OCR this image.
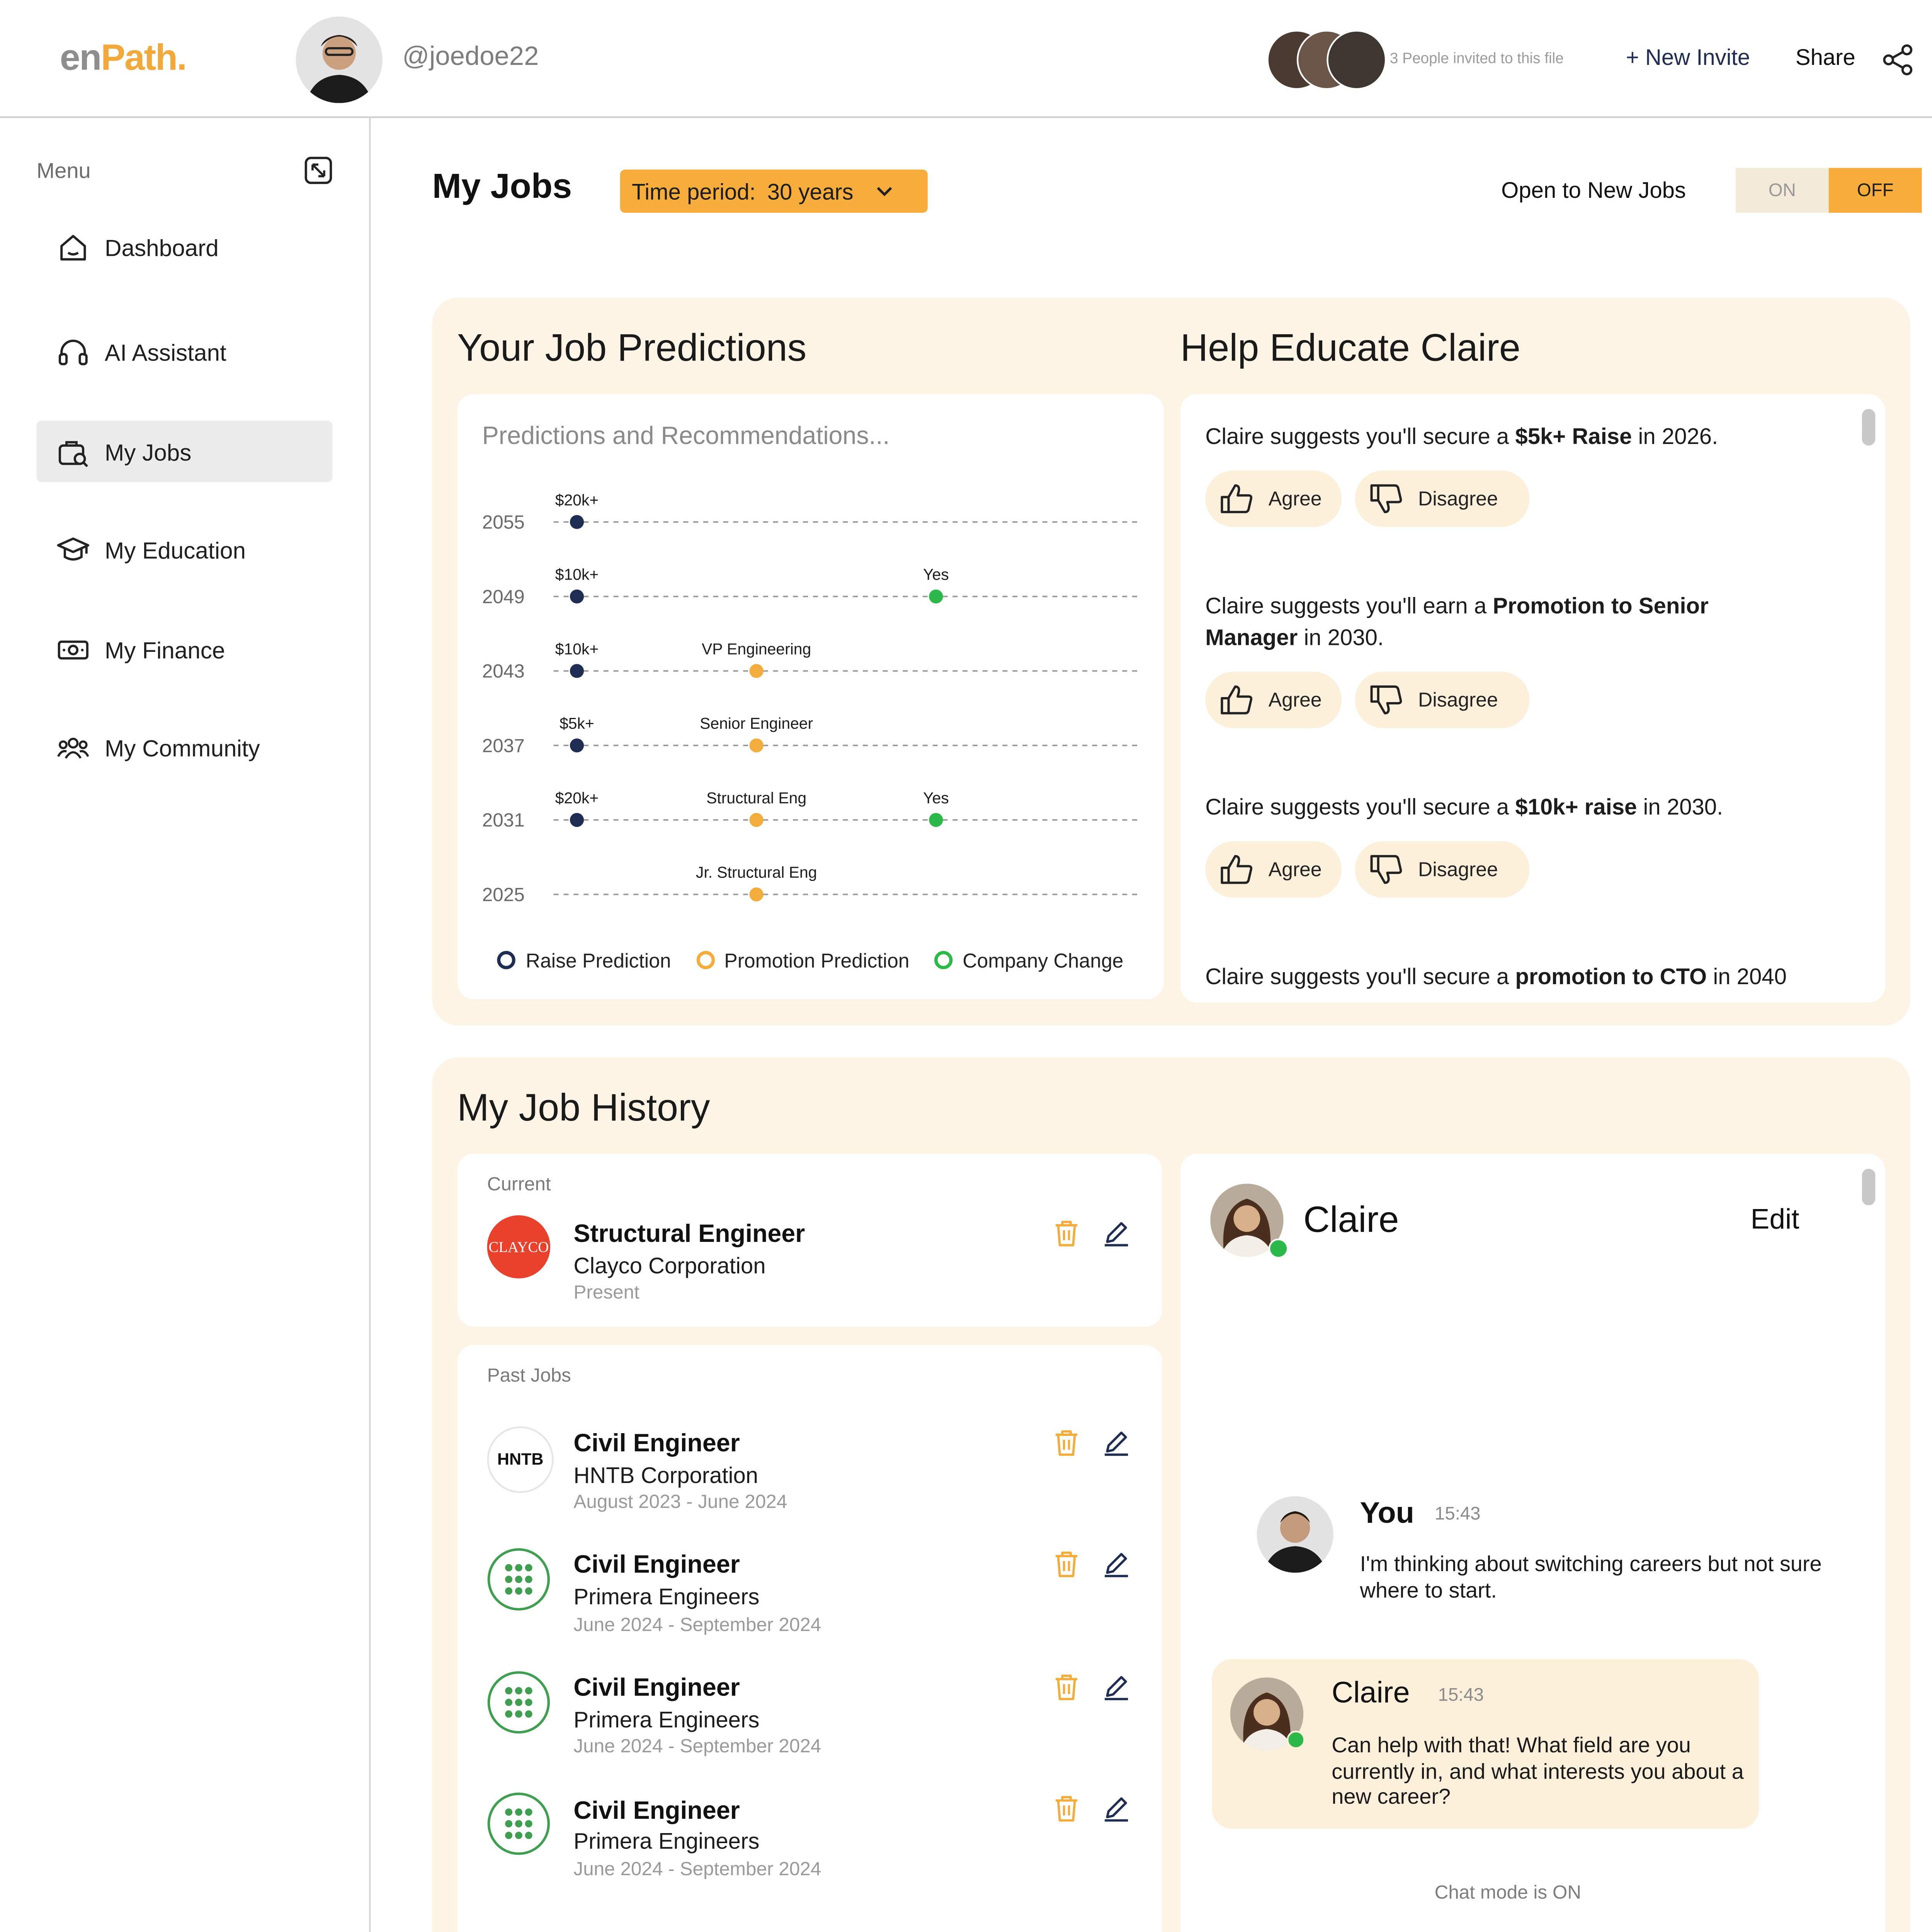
enPath.	@joedoe22	3 People invited to this file	+ New Invite	Share
Menu
Dashboard
AI Assistant
My Jobs
My Education
My Finance
My Community
My Jobs	Time period: 30 years	Open to New Jobs	ON	OFF
Your Job Predictions	Help Educate Claire
Predictions and Recommendations...
2055
2049
2043
2037
2031
2025
$20k+
$10k+
$10k+
$5k+
$20k+
VP Engineering
Senior Engineer
Structural Eng
Jr. Structural Eng
Yes
Yes
Raise Prediction	Promotion Prediction	Company Change
Claire suggests you'll secure a $5k+ Raise in 2026.
Agree	Disagree
Claire suggests you'll earn a Promotion to Senior Manager in 2030.
Agree	Disagree
Claire suggests you'll secure a $10k+ raise in 2030.
Agree	Disagree
Claire suggests you'll secure a promotion to CTO in 2040
My Job History
Current
CLAYCO	Structural Engineer
Clayco Corporation
Present
Past Jobs
HNTB
Civil Engineer
HNTB Corporation
August 2023 - June 2024
Civil Engineer
Primera Engineers
June 2024 - September 2024
Civil Engineer
Primera Engineers
June 2024 - September 2024
Civil Engineer
Primera Engineers
June 2024 - September 2024
Claire	Edit
You	15:43
I'm thinking about switching careers but not sure where to start.
Claire	15:43
Can help with that! What field are you currently in, and what interests you about a new career?
Chat mode is ON
